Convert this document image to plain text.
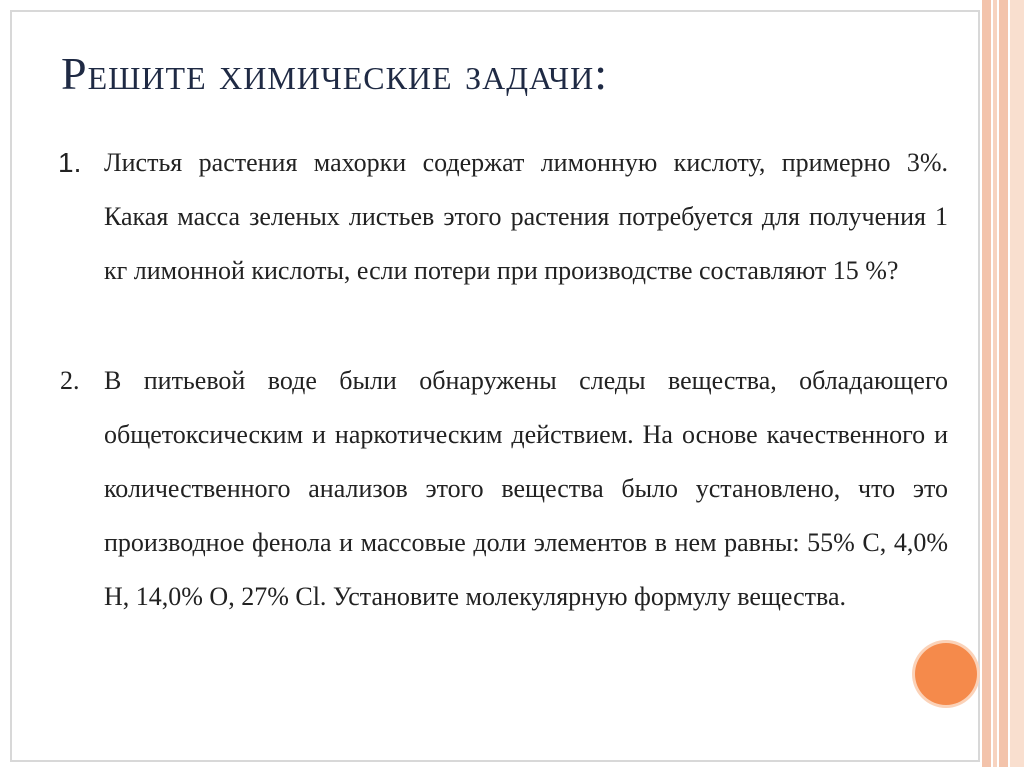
Решите химические задачи:
1. Листья растения махорки содержат лимонную кислоту, примерно 3%. Какая масса зеленых листьев этого растения потребуется для получения 1 кг лимонной кислоты, если потери при производстве составляют 15 %?

2. В питьевой воде были обнаружены следы вещества, обладающего общетоксическим и наркотическим действием. На основе качественного и количественного анализов этого вещества было установлено, что это производное фенола и массовые доли элементов в нем равны: 55% С, 4,0% Н, 14,0% О, 27% Cl. Установите молекулярную формулу вещества.
